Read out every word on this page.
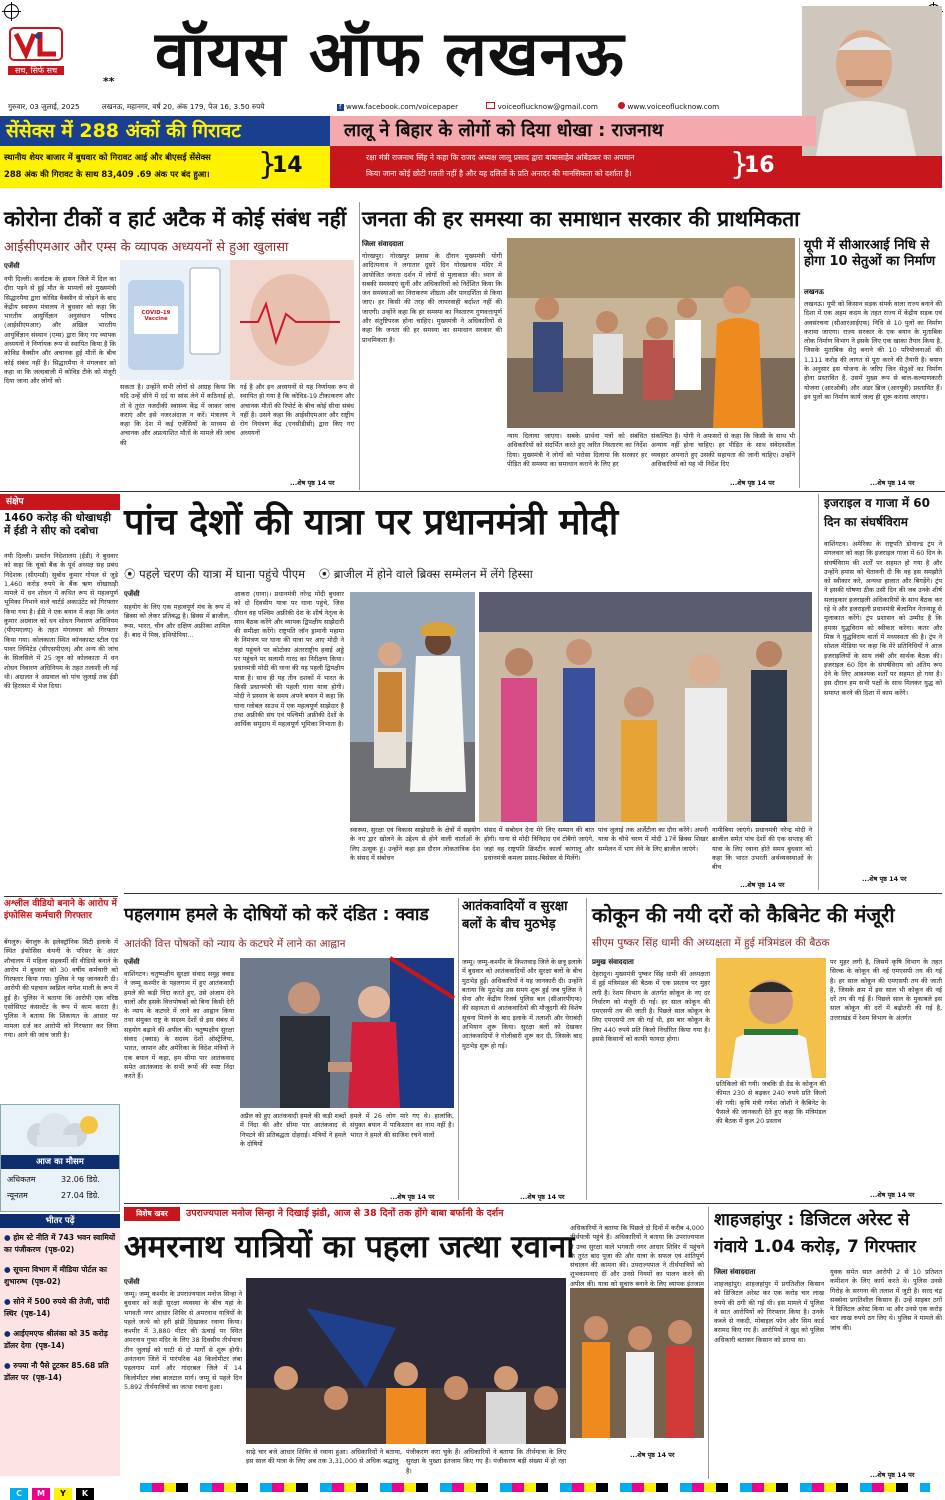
सच, सिर्फ सच
** वॉयस ऑफ लखनऊ
गुरुवार, 03 जुलाई, 2025	लखनऊ, महानगर, वर्ष 20, अंक 179, पेज 16, 3.50 रुपये	f www.facebook.com/voicepaper	voiceoflucknow@gmail.com	www.voiceoflucknow.com
सेंसेक्स में 288 अंकों की गिरावट
स्थानीय शेयर बाजार में बुधवार को गिरावट आई और बीएसई सेंसेक्स
288 अंक की गिरावट के साथ 83,409 .69 अंक पर बंद हुआ।	}
14
लालू ने बिहार के लोगों को दिया धोखा : राजनाथ
रक्षा मंत्री राजनाथ सिंह ने कहा कि राजद अध्यक्ष लालू प्रसाद द्वारा बाबासाहेब आंबेडकर का अपमान
किया जाना कोई छोटी गलती नहीं है और यह दलितों के प्रति अनादर की मानसिकता को दर्शाता है।	}
16
कोरोना टीकों व हार्ट अटैक में कोई संबंध नहीं
आईसीएमआर और एम्स के व्यापक अध्ययनों से हुआ खुलासा
एजेंसी
नयी दिल्ली। कर्नाटक के हासन जिले में दिल का दौरा पड़ने से हुई मौत के मामलों को मुख्यमंत्री सिद्धारमैया द्वारा कोविड वैक्सीन से जोड़ने के बाद केंद्रीय स्वास्थ्य मंत्रालय ने बुधवार को कहा कि भारतीय आयुर्विज्ञान अनुसंधान परिषद (आईसीएमआर) और अखिल भारतीय आयुर्विज्ञान संस्थान (एम्स) द्वारा किए गए व्यापक अध्ययनों ने निर्णायक रूप से स्थापित किया है कि कोविड वैक्सीन और अचानक हुई मौतों के बीच कोई संबंध नहीं है। सिद्धारमैया ने मंगलवार को कहा था कि जल्दबाजी में कोविड टीके को मंजूरी दिया जाना और लोगों को
COVID-19 Vaccine
सकता है। उन्होंने सभी लोगों से आग्रह किया कि यदि उन्हें सीने में दर्द या सांस लेने में कठिनाई हो, तो वे तुरंत नजदीकी स्वास्थ्य केंद्र में जाकर जांच कराएं और इसे नजरअंदाज न करें। मंत्रालय ने कहा कि देश में कई एजेंसियों के माध्यम से अचानक और अप्रत्याशित मौतों के मामले की जांच की
गई है और इन अध्ययनों से यह निर्णायक रूप से स्थापित हो गया है कि कोविड-19 टीकाकरण और अचानक मौतों की रिपोर्ट के बीच कोई सीधा संबंध नहीं है। उसने कहा कि आईसीएमआर और राष्ट्रीय रोग नियंत्रण केंद्र (एनसीडीसी) द्वारा किए गए अध्ययनों
...शेष पृष्ठ 14 पर
जनता की हर समस्या का समाधान सरकार की प्राथमिकता
जिला संवाददाता
गोरखपुर। गोरखपुर प्रवास के दौरान मुख्यमंत्री योगी आदित्यनाथ ने लगातार दूसरे दिन गोरखनाथ मंदिर में आयोजित जनता दर्शन में लोगों से मुलाकात की। ध्यान से सबकी समस्याएं सुनीं और अधिकारियों को निर्देशित किया कि जन समस्याओं का निराकरण शीघ्रता और पारदर्शिता से किया जाए। हर किसी की तरह की लापरवाही बर्दाश्त नहीं की जाएगी। उन्होंने कहा कि हर समस्या का निस्तारण गुणवत्तापूर्ण और संतुष्टिपरक होना चाहिए। मुख्यमंत्री ने अधिकारियों से कहा कि जनता की हर समस्या का समाधान सरकार की प्राथमिकता है।
न्याय दिलाया जाएगा। सबके प्रार्थना पत्रों को संबंधित अधिकारियों को संदर्भित करते हुए त्वरित निस्तारण का निर्देश दिया। मुख्यमंत्री ने लोगों को भरोसा दिलाया कि सरकार हर पीड़ित की समस्या का समाधान कराने के लिए हर
संकल्पित है। योगी ने अफसरों से कहा कि किसी के साथ भी अन्याय नहीं होना चाहिए। हर पीड़ित के साथ संवेदनशील व्यवहार अपनाते हुए उसकी सहायता की जानी चाहिए। उन्होंने अधिकारियों को यह भी निर्देश दिए
...शेष पृष्ठ 14 पर
यूपी में सीआरआई निधि से होगा 10 सेतुओं का निर्माण
लखनऊ
लखनऊ। यूपी को किसान सड़क संपर्क वाला राज्य बनाने की दिशा में एक अहम कदम के तहत राज्य में केंद्रीय सड़क एवं अवसंरचना (सीआरआईएफ) निधि से 10 पुलों का निर्माण कराया जाएगा। राज्य सरकार के एक बयान के मुताबिक लोक निर्माण विभाग ने इसके लिए एक खाका तैयार किया है, जिसके मुताबिक सेतु बनाने की 10 परियोजनाओं की 1,111 करोड़ की लागत से पूरा करने की तैयारी है। बयान के अनुसार इस योजना के जरिए जिन सेतुओं का निर्माण होना प्रस्तावित है, उसमें मुख्य रूप से बाल-कल्याणकारी योजना (आरओबी) और अंडर ब्रिज (आरयूबी) प्रस्तावित हैं। इन पुलों का निर्माण कार्य जल्द ही शुरू कराया जाएगा।
...शेष पृष्ठ 14 पर
संक्षेप
1460 करोड़ की धोखाधड़ी में ईडी ने सीए को दबोचा
नयी दिल्ली। प्रवर्तन निदेशालय (ईडी) ने बुधवार को कहा कि चूको बैंक के पूर्व अध्यक्ष सह प्रबंध निदेशक (सीएमडी) सुबोध कुमार गोयल से जुड़े 1,460 करोड़ रुपये के बैंक ऋण धोखाधड़ी मामले में धन शोधन में कथित रूप से महत्वपूर्ण भूमिका निभाने वाले चार्टर्ड अकाउंटेंट को गिरफ्तार किया गया है। ईडी ने एक बयान में कहा कि अनंत कुमार अग्रवाल को धन शोधन निवारण अधिनियम (पीएमएलए) के तहत मंगलवार को गिरफ्तार किया गया। कोलकाता स्थित कॉनकास्ट स्टील एंड पावर लिमिटेड (सीएसपीएल) और अन्य की जांच के सिलसिले में 25 जून को कोलकाता में धन शोधन निवारण अधिनियम के तहत तलाशी ली गई थी। अदालत ने अग्रवाल को पांच जुलाई तक ईडी की हिरासत में भेज दिया।
अश्लील वीडियो बनाने के आरोप में इंफोसिस कर्मचारी गिरफ्तार
बेंगलुरु। बेंगलुरु के इलेक्ट्रॉनिक सिटी इलाके में स्थित इंफोसिस कंपनी के परिसर के अंदर शौचालय में महिला सहकर्मी की वीडियो बनाने के आरोप में बुधवार को 30 वर्षीय कर्मचारी को गिरफ्तार किया गया। पुलिस ने यह जानकारी दी। आरोपी की पहचान स्वप्निल नागेश माली के रूप में हुई है। पुलिस ने बताया कि आरोपी एक वरिष्ठ एसोसिएट कंसल्टेंट के रूप में काम करता है। पुलिस ने बताया कि शिकायत के आधार पर मामला दर्ज कर आरोपी को गिरफ्तार कर लिया गया। आगे की जांच जारी है।
आज का मौसम
अधिकतम	32.06 डिग्रे.
न्यूनतम	27.04 डिग्रे.
भीतर पढ़ें
● होम स्टे नीति में 743 भवन स्वामियों का पंजीकरण (पृष्ठ-02)
● सूचना विभाग में मीडिया पोर्टल का शुभारम्भ (पृष्ठ-02)
● सोने में 500 रुपये की तेजी, चांदी स्थिर (पृष्ठ-14)
● आईएमएफ श्रीलंका को 35 करोड़ डॉलर देगा (पृष्ठ-14)
● रुपया नौ पैसे टूटकर 85.68 प्रति डॉलर पर (पृष्ठ-14)
पांच देशों की यात्रा पर प्रधानमंत्री मोदी
⦿ पहले चरण की यात्रा में घाना पहुंचे पीएम ⦿ ब्राजील में होने वाले ब्रिक्स सम्मेलन में लेंगे हिस्सा
एजेंसी	आकरा (घाना)। प्रधानमंत्री नरेन्द्र मोदी बुधवार को दो दिवसीय यात्रा पर घाना पहुंचे, जिस दौरान वह पश्चिम अफ्रीकी देश के शीर्ष नेतृत्व के साथ बैठक करेंगे और व्यापक द्विपक्षीय साझेदारी की समीक्षा करेंगे। राष्ट्रपति जॉन ड्रामानी महामा के निमंत्रण पर घाना की यात्रा पर आए मोदी ने यहां पहुंचने पर कोटोका अंतरराष्ट्रीय हवाई अड्डे पर पहुंचने पर सलामी गारद का निरीक्षण किया। प्रधानमंत्री मोदी की घाना की यह पहली द्विपक्षीय यात्रा है। साथ ही यह तीन दशकों में भारत के किसी प्रधानमंत्री की पहली घाना यात्रा होगी। मोदी ने प्रस्थान के समय अपने बयान में कहा कि घाना ग्लोबल साउथ में एक महत्वपूर्ण साझेदार है तथा अफ्रीकी संघ एवं पश्चिमी अफ्रीकी देशों के आर्थिक समुदाय में महत्वपूर्ण भूमिका निभाता है।
स्वास्थ्य, सुरक्षा एवं विकास साझेदारी के क्षेत्रों में सहयोग के नए द्वार खोलने के उद्देश्य से होने वाली वार्ताओं के लिए उत्सुक हूं। उन्होंने कहा इस दौरान लोकतांत्रिक देश के संसद में संबोधन
संसद में संबोधन देना मेरे लिए सम्मान की बात होगी। घाना से मोदी त्रिनिदाद एवं टोबैगो जाएंगे, जहां वह राष्ट्रपति क्रिस्टीन कार्ला कांगालू और प्रधानमंत्री कमला प्रसाद-बिसेसर से मिलेंगे।
पांच जुलाई तक अर्जेंटीना का दौरा करेंगे। अपनी यात्रा के चौथे चरण में मोदी 17वें ब्रिक्स शिखर सम्मेलन में भाग लेने के लिए ब्राजील जाएंगे।
नामीबिया जाएंगे। प्रधानमंत्री नरेन्द्र मोदी ने ब्राजील समेत पांच देशों की एक सप्ताह की यात्रा के लिए रवाना होते समय बुधवार को कहा कि भारत उभरती अर्थव्यवस्थाओं के बीच
सहयोग के लिए एक महत्वपूर्ण मंच के रूप में ब्रिक्स को लेकर प्रतिबद्ध है। ब्रिक्स में ब्राजील, रूस, भारत, चीन और दक्षिण अफ्रीका शामिल हैं। बाद में मिस्र, इथियोपिया...
...शेष पृष्ठ 14 पर
इजराइल व गाजा में 60 दिन का संघर्षविराम
वाशिंगटन। अमेरिका के राष्ट्रपति डोनाल्ड ट्रंप ने मंगलवार को कहा कि इजराइल गाजा में 60 दिन के संघर्षविराम की शर्तों पर सहमत हो गया है और उन्होंने हमास को चेतावनी दी कि वह इस समझौते को स्वीकार करे, अन्यथा हालात और बिगड़ेंगे। ट्रंप ने इसकी घोषणा ठीक उसी दिन की जब उनके शीर्ष सलाहकार इजराइली अधिकारियों के साथ बैठक कर रहे थे और इजराइली प्रधानमंत्री बेंजामिन नेतन्याहू से मुलाकात करेंगे। ट्रंप प्रशासन को उम्मीद है कि हमास युद्धविराम को स्वीकार करेगा। कतर और मिस्र ने युद्धविराम वार्ता में मध्यस्थता की है। ट्रंप ने सोशल मीडिया पर कहा कि मेरे प्रतिनिधियों ने आज इजराइलियों के साथ लंबी और सार्थक बैठक की। इजराइल 60 दिन के संघर्षविराम को अंतिम रूप देने के लिए आवश्यक शर्तों पर सहमत हो गया है। इस दौरान हम सभी पक्षों के साथ मिलकर युद्ध को समाप्त करने की दिशा में काम करेंगे।
...शेष पृष्ठ 14 पर
पहलगाम हमले के दोषियों को करें दंडित : क्वाड
आतंकी वित्त पोषकों को न्याय के कटघरे में लाने का आह्वान
एजेंसी
वाशिंगटन। चतुष्पक्षीय सुरक्षा संवाद समूह क्वाड ने जम्मू कश्मीर के पहलगाम में हुए आतंकवादी हमले की कड़ी निंदा करते हुए, उसे अंजाम देने वालों और इसके वित्तपोषकों को बिना किसी देरी के न्याय के कटघरे में लाने का आह्वान किया तथा संयुक्त राष्ट्र के सदस्य देशों से इस संबंध में सहयोग बढ़ाने की अपील की। चतुष्पक्षीय सुरक्षा संवाद (क्वाड) के सदस्य देशों ऑस्ट्रेलिया, भारत, जापान और अमेरिका के विदेश मंत्रियों ने एक बयान में कहा, हम सीमा पार आतंकवाद समेत आतंकवाद के सभी रूपों की स्पष्ट निंदा करते हैं।
अप्रैल को हुए आतंकवादी हमले की कड़ी शब्दों में निंदा की और सीमा पार आतंकवाद से निपटने की प्रतिबद्धता दोहराई। मंत्रियों ने हमले के दोषियों
हमले में 26 लोग मारे गए थे। हालांकि, संयुक्त बयान में पाकिस्तान का नाम नहीं है। भारत ने हमले की साजिश रचने वालों
...शेष पृष्ठ 14 पर
आतंकवादियों व सुरक्षा बलों के बीच मुठभेड़
जम्मू। जम्मू-कश्मीर के किश्तवाड़ जिले के छत्रू इलाके में बुधवार को आतंकवादियों और सुरक्षा बलों के बीच मुठभेड़ हुई। अधिकारियों ने यह जानकारी दी। उन्होंने बताया कि मुठभेड़ उस समय शुरू हुई जब पुलिस ने सेना और केंद्रीय रिजर्व पुलिस बल (सीआरपीएफ) की सहायता से आतंकवादियों की मौजूदगी की विशेष सूचना मिलने के बाद इलाके में तलाशी और घेराबंदी अभियान शुरू किया। सुरक्षा बलों को देखकर आतंकवादियों ने गोलीबारी शुरू कर दी, जिसके बाद मुठभेड़ शुरू हो गई।
...शेष पृष्ठ 14 पर
कोकून की नयी दरों को कैबिनेट की मंजूरी
सीएम पुष्कर सिंह धामी की अध्यक्षता में हुई मंत्रिमंडल की बैठक
प्रमुख संवाददाता
देहरादून। मुख्यमंत्री पुष्कर सिंह धामी की अध्यक्षता में हुई मंत्रिमंडल की बैठक में एक प्रस्ताव पर मुहर लगी है। रेशम विभाग के अंतर्गत कोकून के नए दर निर्धारण को मंजूरी दी गई। हर साल कोकून की एमएसपी तय की जाती है। पिछले साल कोकून के लिए एमएसपी तय की गई थी, इस बार कोकून के लिए 440 रुपये प्रति किलो निर्धारित किया गया है। इससे किसानों को काफी फायदा होगा।
प्रतिकिलो की गयी। जबकि डी ग्रेड के कोकून की कीमत 230 से बढ़कर 240 रुपये प्रति किलो की गयी। कृषि मंत्री गणेश जोशी ने कैबिनेट के फैसले की जानकारी देते हुए कहा कि मंत्रिमंडल की बैठक में कुल 20 प्रस्ताव
पर मुहर लगी है, जिसमें कृषि विभाग के तहत सिल्क के कोकून की नई एमएसपी तय की गई है। हर साल कोकून की एमएसपी तय की जाती है, जिसके क्रम में इस साल भी कोकून की नई दरें तय की गई हैं। पिछले साल के मुकाबले इस साल कोकून की दरों में बढ़ोतरी की गई है, उत्तराखंड में रेशम विभाग के अंतर्गत
...शेष पृष्ठ 14 पर
विशेष खबर	उपराज्यपाल मनोज सिन्हा ने दिखाई झंडी, आज से 38 दिनों तक होंगे बाबा बर्फानी के दर्शन
अमरनाथ यात्रियों का पहला जत्था रवाना
एजेंसी
जम्मू। जम्मू कश्मीर के उपराज्यपाल मनोज सिन्हा ने बुधवार को कड़ी सुरक्षा व्यवस्था के बीच यहां के भगवती नगर आधार शिविर से अमरनाथ यात्रियों के पहले जत्थे को हरी झंडी दिखाकर रवाना किया। कश्मीर में 3,880 मीटर की ऊंचाई पर स्थित अमरनाथ गुफा मंदिर के लिए 38 दिवसीय तीर्थयात्रा तीन जुलाई को घाटी से दो मार्गों से शुरू होगी। अनंतनाग जिले में पारंपरिक 48 किलोमीटर लंबा पहलगाम मार्ग और गांदरबल जिले में 14 किलोमीटर लंबा बालटाल मार्ग। जम्मू से पहले दिन 5,892 तीर्थयात्रियों का जत्था रवाना हुआ।
साढ़े चार बजे आधार शिविर से रवाना हुआ। अधिकारियों ने बताया, इस साल की यात्रा के लिए अब तक 3,31,000 से अधिक श्रद्धालु
पंजीकरण करा चुके हैं। अधिकारियों ने बताया कि तीर्थयात्रा के लिए सुरक्षा के पुख्ता इंतजाम किए गए हैं। पंजीकरण बड़ी संख्या में हो रहा है।
अधिकारियों ने बताया कि पिछले दो दिनों में करीब 4,000 तीर्थयात्री पहुंचे हैं। अधिकारियों ने बताया कि उपराज्यपाल ने उच्च सुरक्षा वाले भगवती नगर आधार शिविर में पहुंचने के तुरंत बाद पूजा की और यात्रा के सफल एवं शांतिपूर्ण संचालन की कामना की। उपराज्यपाल ने तीर्थयात्रियों को शुभकामनाएं दीं और उनसे नियमों का पालन करने की अपील की। यात्रा को सुचारु बनाने के लिए व्यापक इंतजाम
...शेष पृष्ठ 14 पर
शाहजहांपुर : डिजिटल अरेस्ट से गंवाये 1.04 करोड़, 7 गिरफ्तार
जिला संवाददाता
शाहजहांपुर। शाहजहांपुर में प्रगतिशील किसान को डिजिटल अरेस्ट कर एक करोड़ चार लाख रुपये की ठगी की गई थी। इस मामले में पुलिस ने सात आरोपियों को गिरफ्तार किया है। उनके कब्जे से नकदी, मोबाइल फोन और सिम कार्ड बरामद किए गए हैं। आरोपियों ने खुद को पुलिस अधिकारी बताकर किसान को डराया था।
युवक समेत सात आरोपी 2 से 10 प्रतिशत कमीशन के लिए कार्य करते थे। पुलिस उनसे गिरोह के सरगना की तलाश में जुटी है। सरद चंद्र सक्सेना प्रगतिशील किसान हैं। उन्हें साइबर ठगों ने डिजिटल अरेस्ट किया था और उनसे एक करोड़ चार लाख रुपये ठग लिए थे। पुलिस ने मामले की जांच की।
...शेष पृष्ठ 14 पर
C M Y K
